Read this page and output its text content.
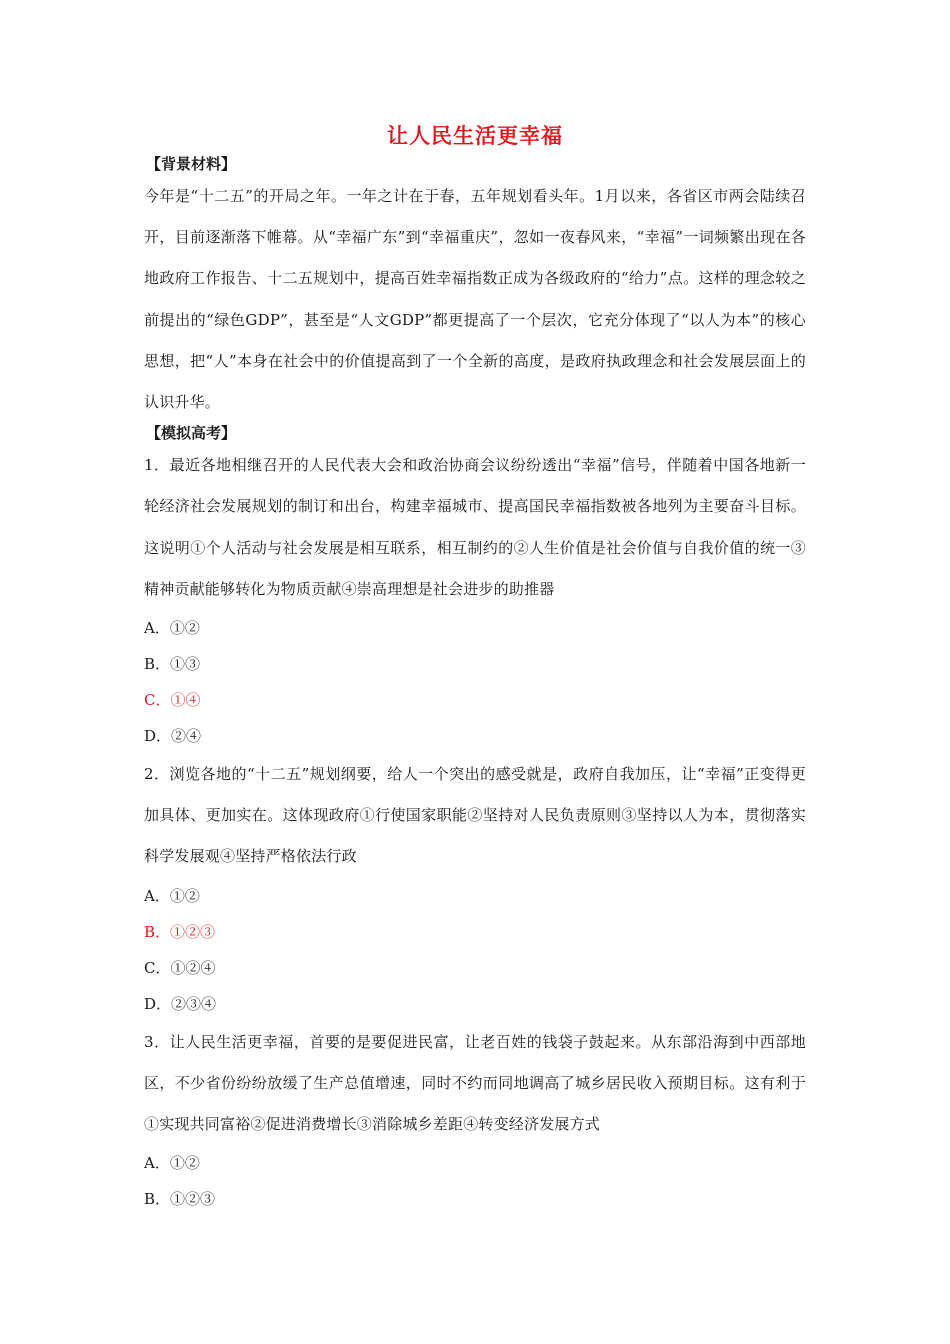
让人民生活更幸福
【背景材料】
今年是“十二五”的开局之年。一年之计在于春，五年规划看头年。1月以来，各省区市两会陆续召开，目前逐渐落下帷幕。从“幸福广东”到“幸福重庆”，忽如一夜春风来，“幸福”一词频繁出现在各地政府工作报告、十二五规划中，提高百姓幸福指数正成为各级政府的“给力”点。这样的理念较之前提出的“绿色GDP”，甚至是“人文GDP”都更提高了一个层次，它充分体现了“以人为本”的核心思想，把“人”本身在社会中的价值提高到了一个全新的高度，是政府执政理念和社会发展层面上的认识升华。
【模拟高考】
1．最近各地相继召开的人民代表大会和政治协商会议纷纷透出“幸福”信号，伴随着中国各地新一轮经济社会发展规划的制订和出台，构建幸福城市、提高国民幸福指数被各地列为主要奋斗目标。这说明①个人活动与社会发展是相互联系，相互制约的②人生价值是社会价值与自我价值的统一③精神贡献能够转化为物质贡献④崇高理想是社会进步的助推器
A．①②
B．①③
C．①④
D．②④
2．浏览各地的“十二五”规划纲要，给人一个突出的感受就是，政府自我加压，让“幸福”正变得更加具体、更加实在。这体现政府①行使国家职能②坚持对人民负责原则③坚持以人为本，贯彻落实科学发展观④坚持严格依法行政
A．①②
B．①②③
C．①②④
D．②③④
3．让人民生活更幸福，首要的是要促进民富，让老百姓的钱袋子鼓起来。从东部沿海到中西部地区，不少省份纷纷放缓了生产总值增速，同时不约而同地调高了城乡居民收入预期目标。这有利于①实现共同富裕②促进消费增长③消除城乡差距④转变经济发展方式
A．①②
B．①②③
